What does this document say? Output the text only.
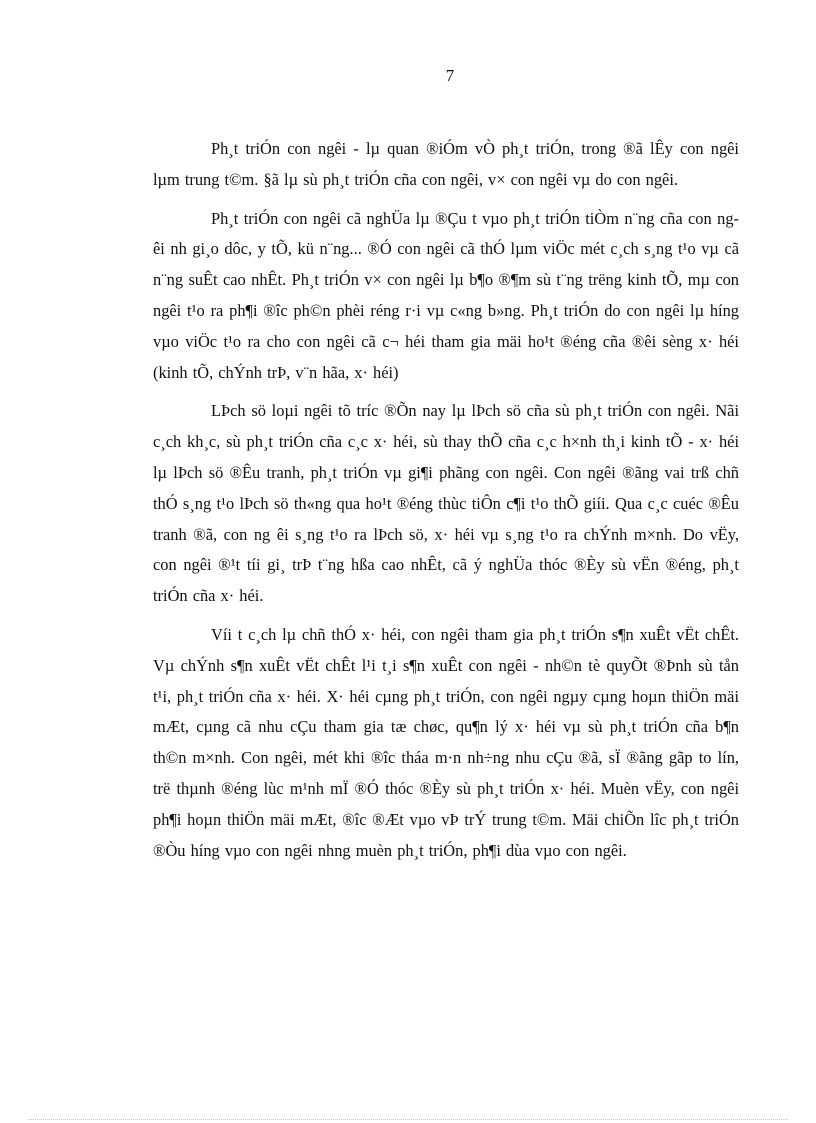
7

Ph¸t triÓn con ngêi - lµ quan ®iÓm vÒ ph¸t triÓn, trong ®ã lÊy con ngêi lµm trung t©m. §ã lµ sù ph¸t triÓn cña con ngêi, v× con ngêi vµ do con ngêi.

Ph¸t triÓn con ngêi cã nghÜa lµ ®Çu t vµo ph¸t triÓn tiÒm n¨ng cña con ngêi nh gi¸o dôc, y tÕ, kü n¨ng... ®Ó con ngêi cã thÓ lµm viÖc mét c¸ch s¸ng t¹o vµ cã n¨ng suÊt cao nhÊt. Ph¸t triÓn v× con ngêi lµ b¶o ®¶m sù t¨ng trëng kinh tÕ, mµ con ngêi t¹o ra ph¶i ®îc ph©n phèi réng r·i vµ c«ng b»ng. Ph¸t triÓn do con ngêi lµ híng vµo viÖc t¹o ra cho con ngêi cã c¬ héi tham gia mäi ho¹t ®éng cña ®êi sèng x· héi (kinh tÕ, chÝnh trÞ, v¨n hãa, x· héi)

LÞch sö loµi ngêi tõ tríc ®Õn nay lµ lÞch sö cña sù ph¸t triÓn con ngêi. Nãi c¸ch kh¸c, sù ph¸t triÓn cña c¸c x· héi, sù thay thÕ cña c¸c h×nh th¸i kinh tÕ - x· héi lµ lÞch sö ®Êu tranh, ph¸t triÓn vµ gi¶i phãng con ngêi. Con ngêi ®ãng vai trß chñ thÓ s¸ng t¹o lÞch sö th«ng qua ho¹t ®éng thùc tiÔn c¶i t¹o thÕ giíi. Qua c¸c cuéc ®Êu tranh ®ã, con ng êi s¸ng t¹o ra lÞch sö, x· héi vµ s¸ng t¹o ra chÝnh m×nh. Do vËy, con ngêi ®¹t tíi gi¸ trÞ t¨ng hßa cao nhÊt, cã ý nghÜa thóc ®Èy sù vËn ®éng, ph¸t triÓn cña x· héi.

Víi t c¸ch lµ chñ thÓ x· héi, con ngêi tham gia ph¸t triÓn s¶n xuÊt vËt chÊt. Vµ chÝnh s¶n xuÊt vËt chÊt l¹i t¸i s¶n xuÊt con ngêi - nh©n tè quyÕt ®Þnh sù tån t¹i, ph¸t triÓn cña x· héi. X· héi cµng ph¸t triÓn, con ngêi ngµy cµng hoµn thiÖn mäi mÆt, cµng cã nhu cÇu tham gia tæ chøc, qu¶n lý x· héi vµ sù ph¸t triÓn cña b¶n th©n m×nh. Con ngêi, mét khi ®îc tháa m·n nh÷ng nhu cÇu ®ã, sÏ ®ãng gãp to lín, trë thµnh ®éng lùc m¹nh mÏ ®Ó thóc ®Èy sù ph¸t triÓn x· héi. Muèn vËy, con ngêi ph¶i hoµn thiÖn mäi mÆt, ®îc ®Æt vµo vÞ trÝ trung t©m. Mäi chiÕn lîc ph¸t triÓn ®Òu híng vµo con ngêi nhng muèn ph¸t triÓn, ph¶i dùa vµo con ngêi.
